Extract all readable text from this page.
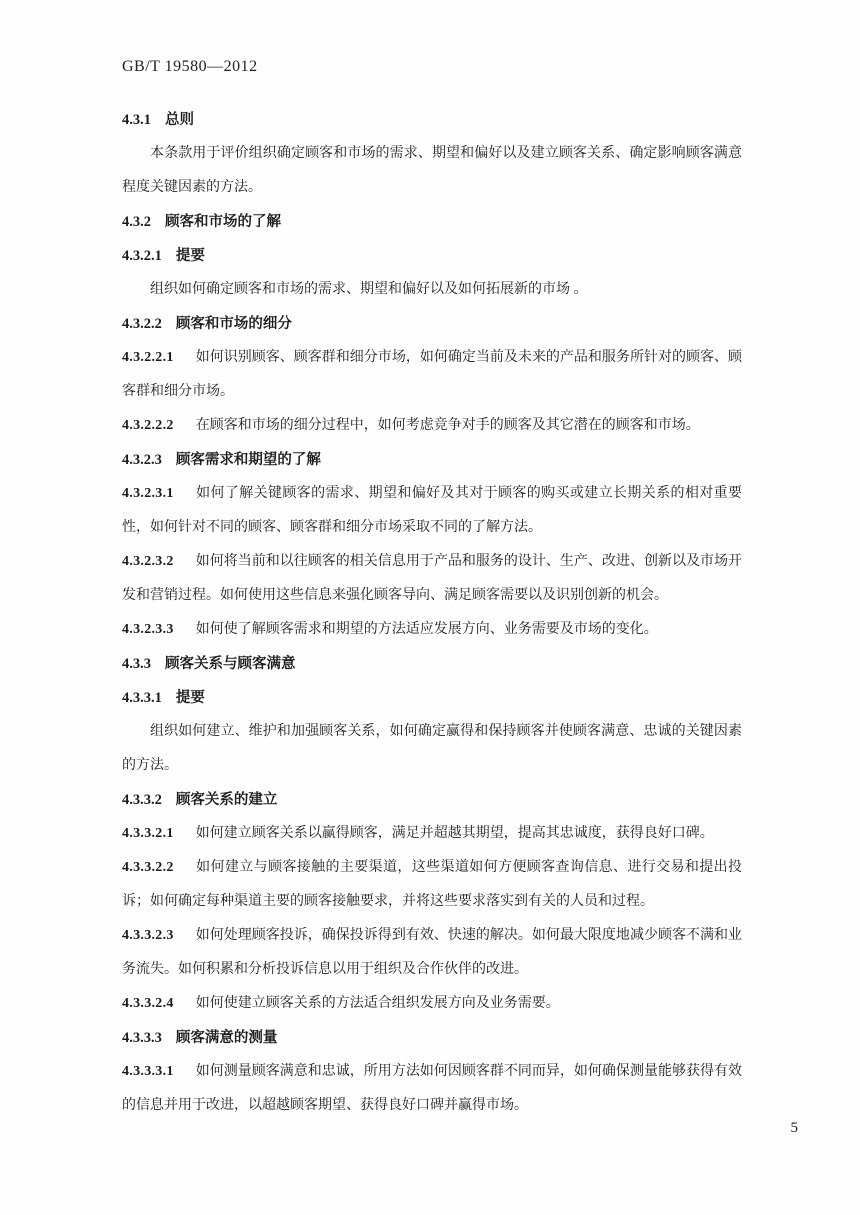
GB/T 19580—2012
4.3.1 总则
本条款用于评价组织确定顾客和市场的需求、期望和偏好以及建立顾客关系、确定影响顾客满意程度关键因素的方法。
4.3.2 顾客和市场的了解
4.3.2.1 提要
组织如何确定顾客和市场的需求、期望和偏好以及如何拓展新的市场 。
4.3.2.2 顾客和市场的细分
4.3.2.2.1 如何识别顾客、顾客群和细分市场，如何确定当前及未来的产品和服务所针对的顾客、顾客群和细分市场。
4.3.2.2.2 在顾客和市场的细分过程中，如何考虑竞争对手的顾客及其它潜在的顾客和市场。
4.3.2.3 顾客需求和期望的了解
4.3.2.3.1 如何了解关键顾客的需求、期望和偏好及其对于顾客的购买或建立长期关系的相对重要性，如何针对不同的顾客、顾客群和细分市场采取不同的了解方法。
4.3.2.3.2 如何将当前和以往顾客的相关信息用于产品和服务的设计、生产、改进、创新以及市场开发和营销过程。如何使用这些信息来强化顾客导向、满足顾客需要以及识别创新的机会。
4.3.2.3.3 如何使了解顾客需求和期望的方法适应发展方向、业务需要及市场的变化。
4.3.3 顾客关系与顾客满意
4.3.3.1 提要
组织如何建立、维护和加强顾客关系，如何确定赢得和保持顾客并使顾客满意、忠诚的关键因素的方法。
4.3.3.2 顾客关系的建立
4.3.3.2.1 如何建立顾客关系以赢得顾客，满足并超越其期望，提高其忠诚度，获得良好口碑。
4.3.3.2.2 如何建立与顾客接触的主要渠道，这些渠道如何方便顾客查询信息、进行交易和提出投诉；如何确定每种渠道主要的顾客接触要求，并将这些要求落实到有关的人员和过程。
4.3.3.2.3 如何处理顾客投诉，确保投诉得到有效、快速的解决。如何最大限度地减少顾客不满和业务流失。如何积累和分析投诉信息以用于组织及合作伙伴的改进。
4.3.3.2.4 如何使建立顾客关系的方法适合组织发展方向及业务需要。
4.3.3.3 顾客满意的测量
4.3.3.3.1 如何测量顾客满意和忠诚，所用方法如何因顾客群不同而异，如何确保测量能够获得有效的信息并用于改进，以超越顾客期望、获得良好口碑并赢得市场。
5
